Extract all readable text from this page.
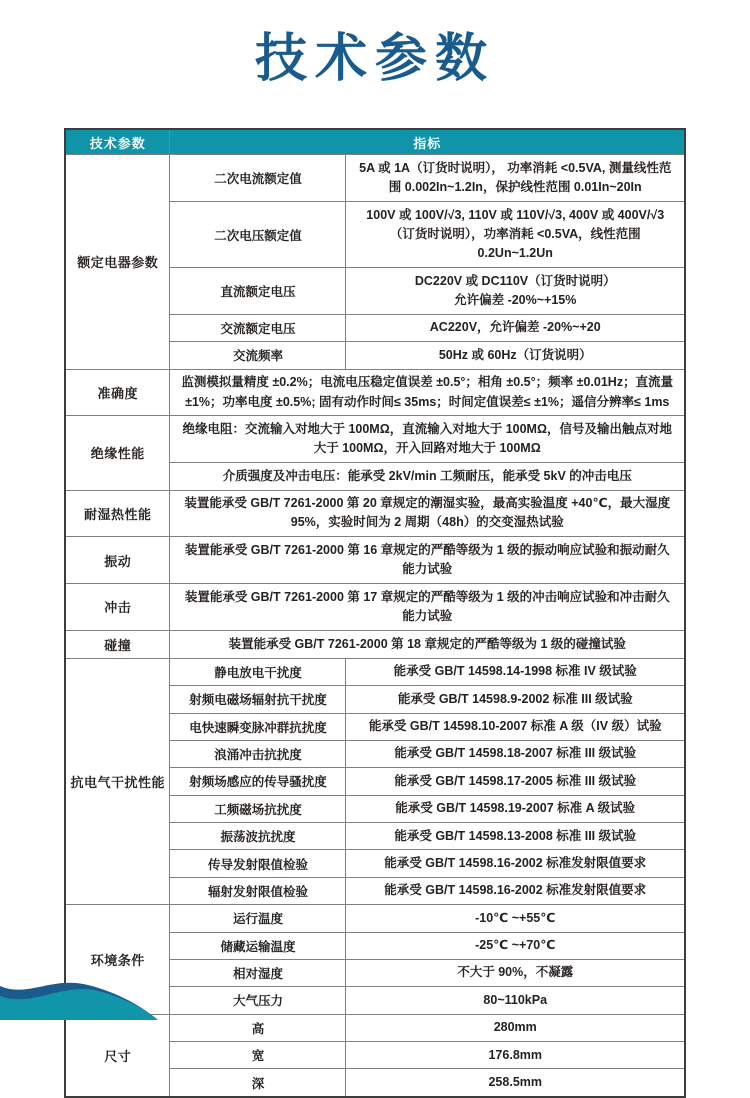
技术参数
技术参数	指标	
额定电器参数	二次电流额定值	5A 或 1A（订货时说明）， 功率消耗 <0.5VA, 测量线性范围 0.002In~1.2In，保护线性范围 0.01In~20In
	二次电压额定值	100V 或 100V/√3, 110V 或 110V/√3, 400V 或 400V/√3（订货时说明），功率消耗 <0.5VA，线性范围 0.2Un~1.2Un
	直流额定电压	DC220V 或 DC110V（订货时说明）
允许偏差 -20%~+15%
	交流额定电压	AC220V，允许偏差 -20%~+20
	交流频率	50Hz 或 60Hz（订货说明）
准确度	监测模拟量精度 ±0.2%；电流电压稳定值误差 ±0.5°；相角 ±0.5°；频率 ±0.01Hz；直流量 ±1%；功率电度 ±0.5%; 固有动作时间≤ 35ms；时间定值误差≤ ±1%；遥信分辨率≤ 1ms	
绝缘性能	绝缘电阻：交流输入对地大于 100MΩ，直流输入对地大于 100MΩ，信号及输出触点对地大于 100MΩ，开入回路对地大于 100MΩ	
	介质强度及冲击电压：能承受 2kV/min 工频耐压，能承受 5kV 的冲击电压	
耐湿热性能	装置能承受 GB/T 7261-2000 第 20 章规定的潮湿实验，最高实验温度 +40℃，最大湿度 95%，实验时间为 2 周期（48h）的交变湿热试验	
振动	装置能承受 GB/T 7261-2000 第 16 章规定的严酷等级为 1 级的振动响应试验和振动耐久能力试验	
冲击	装置能承受 GB/T 7261-2000 第 17 章规定的严酷等级为 1 级的冲击响应试验和冲击耐久能力试验	
碰撞	装置能承受 GB/T 7261-2000 第 18 章规定的严酷等级为 1 级的碰撞试验	
抗电气干扰性能	静电放电干扰度	能承受 GB/T 14598.14-1998 标准 IV 级试验
	射频电磁场辐射抗干扰度	能承受 GB/T 14598.9-2002 标准 III 级试验
	电快速瞬变脉冲群抗扰度	能承受 GB/T 14598.10-2007 标准 A 级（IV 级）试验
	浪涌冲击抗扰度	能承受 GB/T 14598.18-2007 标准 III 级试验
	射频场感应的传导骚扰度	能承受 GB/T 14598.17-2005 标准 III 级试验
	工频磁场抗扰度	能承受 GB/T 14598.19-2007 标准 A 级试验
	振荡波抗扰度	能承受 GB/T 14598.13-2008 标准 III 级试验
	传导发射限值检验	能承受 GB/T 14598.16-2002 标准发射限值要求
	辐射发射限值检验	能承受 GB/T 14598.16-2002 标准发射限值要求
环境条件	运行温度	-10℃ ~+55℃
	储藏运输温度	-25℃ ~+70℃
	相对湿度	不大于 90%，不凝露
	大气压力	80~110kPa
尺寸	高	280mm
	宽	176.8mm
	深	258.5mm
